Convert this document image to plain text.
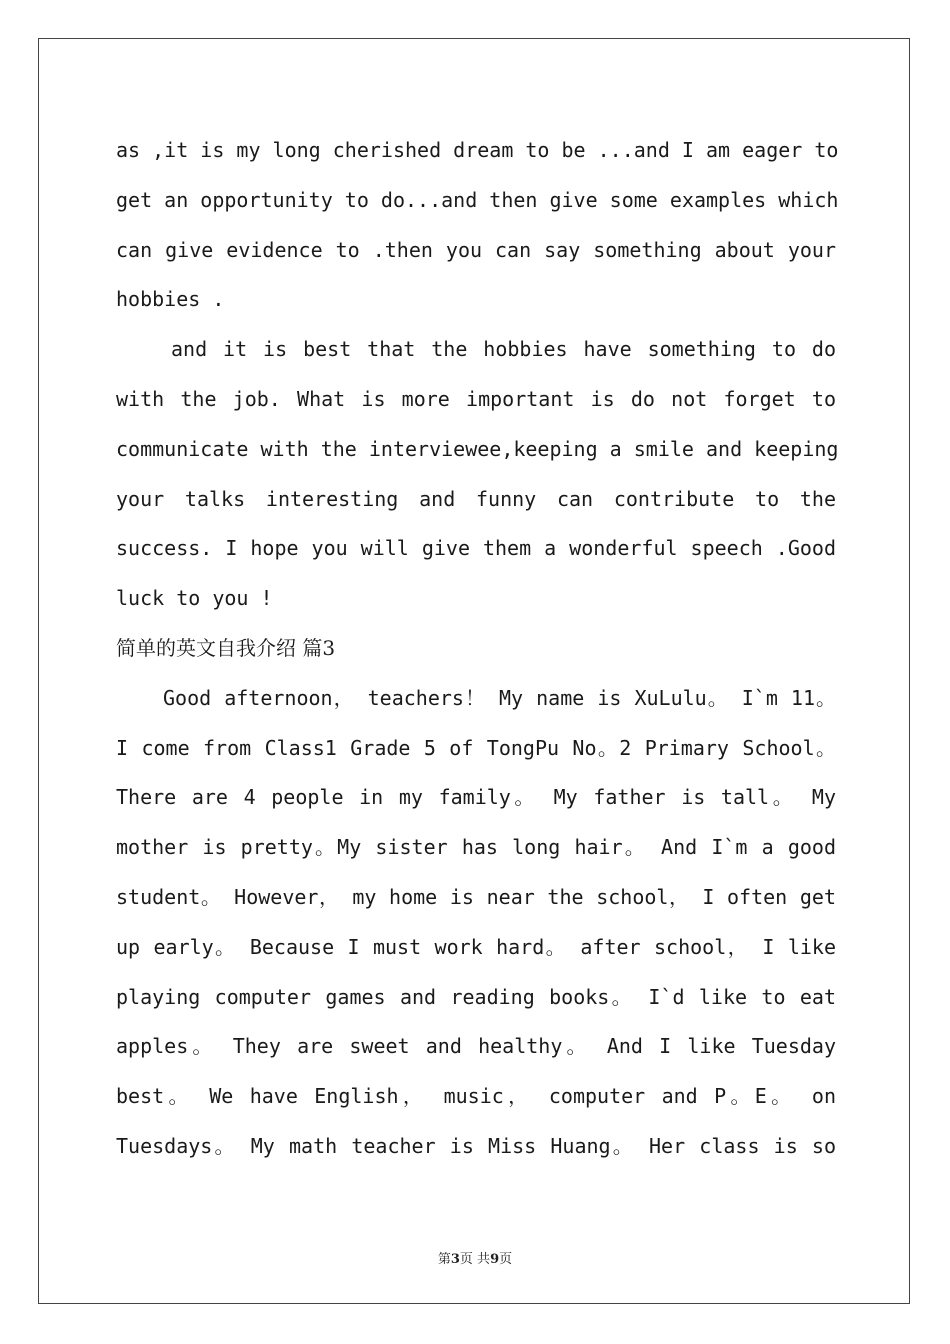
as ,it is my long cherished dream to be ...and I am eager to
get an opportunity to do...and then give some examples which
can give evidence to .then you can say something about your
hobbies .
and it is best that the hobbies have something to do
with the job. What is more important is do not forget to
communicate with the interviewee,keeping a smile and keeping
your talks interesting and funny can contribute to the
success. I hope you will give them a wonderful speech .Good
luck to you !
简单的英文自我介绍 篇3
Good afternoon， teachers！ My name is XuLulu。 I`m 11。
I come from Class1 Grade 5 of TongPu No。2 Primary School。
There are 4 people in my family。 My father is tall。 My
mother is pretty。My sister has long hair。 And I`m a good
student。 However， my home is near the school， I often get
up early。 Because I must work hard。 after school， I like
playing computer games and reading books。 I`d like to eat
apples。 They are sweet and healthy。 And I like Tuesday
best。 We have English， music， computer and P。E。 on
Tuesdays。 My math teacher is Miss Huang。 Her class is so
第3页 共9页
